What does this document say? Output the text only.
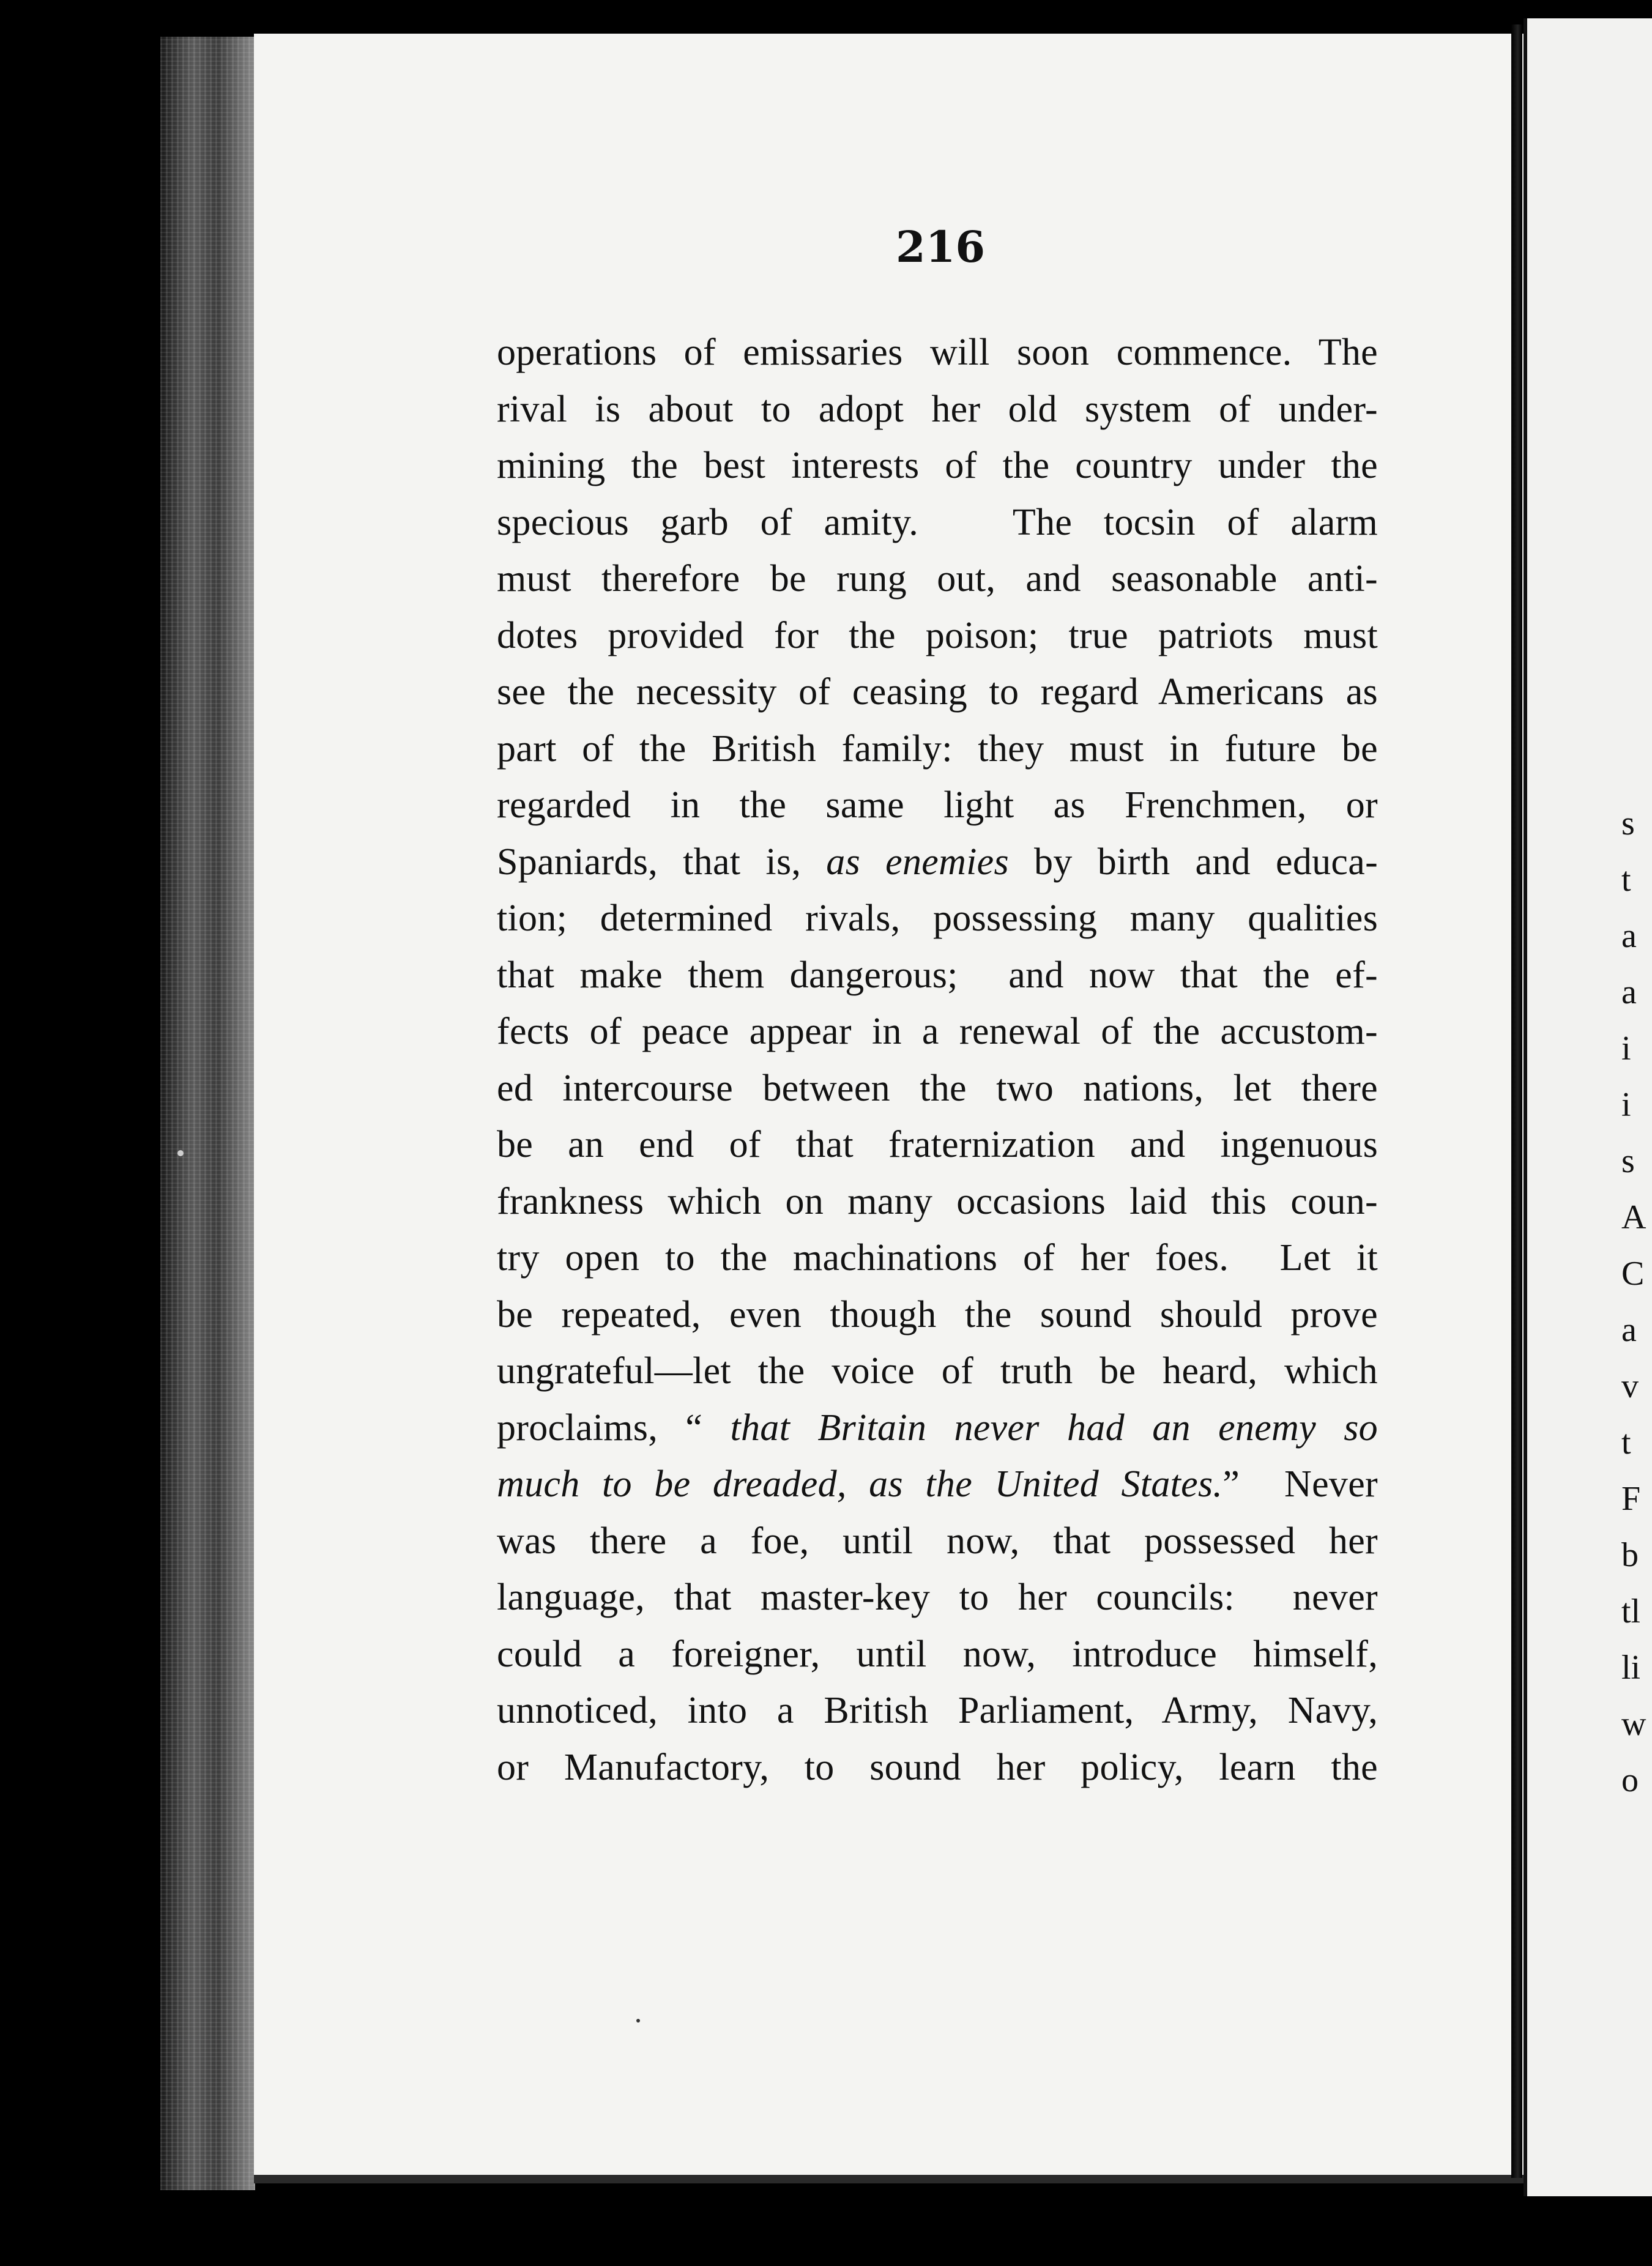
216
operations of emissaries will soon commence. The
rival is about to adopt her old system of under-
mining the best interests of the country under the
specious garb of amity.   The tocsin of alarm
must therefore be rung out, and seasonable anti-
dotes provided for the poison; true patriots must
see the necessity of ceasing to regard Americans as
part of the British family: they must in future be
regarded in the same light as Frenchmen, or
Spaniards, that is, as enemies by birth and educa-
tion; determined rivals, possessing many qualities
that make them dangerous;  and now that the ef-
fects of peace appear in a renewal of the accustom-
ed intercourse between the two nations, let there
be an end of that fraternization and ingenuous
frankness which on many occasions laid this coun-
try open to the machinations of her foes.  Let it
be repeated, even though the sound should prove
ungrateful—let the voice of truth be heard, which
proclaims, “ that Britain never had an enemy so
much to be dreaded, as the United States.”  Never
was there a foe, until now, that possessed her
language, that master-key to her councils:  never
could a foreigner, until now, introduce himself,
unnoticed, into a British Parliament, Army, Navy,
or Manufactory, to sound her policy, learn the
s
t
a
a
i
i
s
A
C
a
v
t
F
b
tl
li
w
o
